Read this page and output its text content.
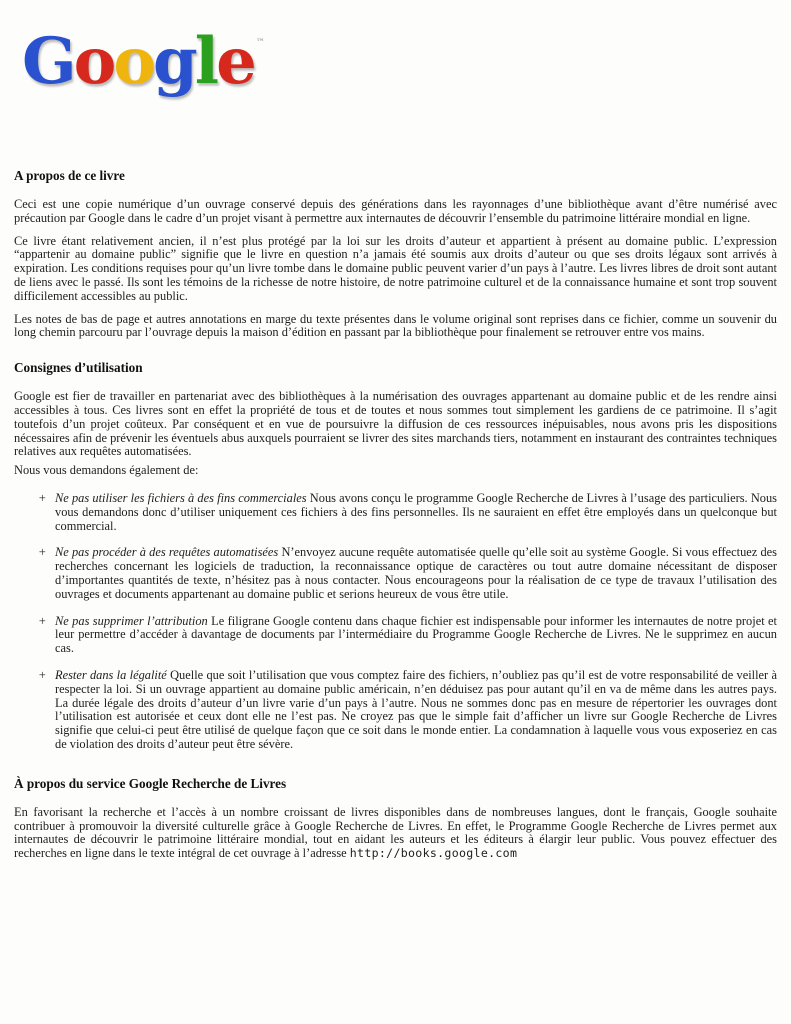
Google ™
A propos de ce livre

Ceci est une copie numérique d’un ouvrage conservé depuis des générations dans les rayonnages d’une bibliothèque avant d’être numérisé avec précaution par Google dans le cadre d’un projet visant à permettre aux internautes de découvrir l’ensemble du patrimoine littéraire mondial en ligne.

Ce livre étant relativement ancien, il n’est plus protégé par la loi sur les droits d’auteur et appartient à présent au domaine public. L’expression “appartenir au domaine public” signifie que le livre en question n’a jamais été soumis aux droits d’auteur ou que ses droits légaux sont arrivés à expiration. Les conditions requises pour qu’un livre tombe dans le domaine public peuvent varier d’un pays à l’autre. Les livres libres de droit sont autant de liens avec le passé. Ils sont les témoins de la richesse de notre histoire, de notre patrimoine culturel et de la connaissance humaine et sont trop souvent difficilement accessibles au public.

Les notes de bas de page et autres annotations en marge du texte présentes dans le volume original sont reprises dans ce fichier, comme un souvenir du long chemin parcouru par l’ouvrage depuis la maison d’édition en passant par la bibliothèque pour finalement se retrouver entre vos mains.

Consignes d’utilisation

Google est fier de travailler en partenariat avec des bibliothèques à la numérisation des ouvrages appartenant au domaine public et de les rendre ainsi accessibles à tous. Ces livres sont en effet la propriété de tous et de toutes et nous sommes tout simplement les gardiens de ce patrimoine. Il s’agit toutefois d’un projet coûteux. Par conséquent et en vue de poursuivre la diffusion de ces ressources inépuisables, nous avons pris les dispositions nécessaires afin de prévenir les éventuels abus auxquels pourraient se livrer des sites marchands tiers, notamment en instaurant des contraintes techniques relatives aux requêtes automatisées.

Nous vous demandons également de:

+ Ne pas utiliser les fichiers à des fins commerciales Nous avons conçu le programme Google Recherche de Livres à l’usage des particuliers. Nous vous demandons donc d’utiliser uniquement ces fichiers à des fins personnelles. Ils ne sauraient en effet être employés dans un quelconque but commercial.
+ Ne pas procéder à des requêtes automatisées N’envoyez aucune requête automatisée quelle qu’elle soit au système Google. Si vous effectuez des recherches concernant les logiciels de traduction, la reconnaissance optique de caractères ou tout autre domaine nécessitant de disposer d’importantes quantités de texte, n’hésitez pas à nous contacter. Nous encourageons pour la réalisation de ce type de travaux l’utilisation des ouvrages et documents appartenant au domaine public et serions heureux de vous être utile.
+ Ne pas supprimer l’attribution Le filigrane Google contenu dans chaque fichier est indispensable pour informer les internautes de notre projet et leur permettre d’accéder à davantage de documents par l’intermédiaire du Programme Google Recherche de Livres. Ne le supprimez en aucun cas.
+ Rester dans la légalité Quelle que soit l’utilisation que vous comptez faire des fichiers, n’oubliez pas qu’il est de votre responsabilité de veiller à respecter la loi. Si un ouvrage appartient au domaine public américain, n’en déduisez pas pour autant qu’il en va de même dans les autres pays. La durée légale des droits d’auteur d’un livre varie d’un pays à l’autre. Nous ne sommes donc pas en mesure de répertorier les ouvrages dont l’utilisation est autorisée et ceux dont elle ne l’est pas. Ne croyez pas que le simple fait d’afficher un livre sur Google Recherche de Livres signifie que celui-ci peut être utilisé de quelque façon que ce soit dans le monde entier. La condamnation à laquelle vous vous exposeriez en cas de violation des droits d’auteur peut être sévère.
À propos du service Google Recherche de Livres

En favorisant la recherche et l’accès à un nombre croissant de livres disponibles dans de nombreuses langues, dont le français, Google souhaite contribuer à promouvoir la diversité culturelle grâce à Google Recherche de Livres. En effet, le Programme Google Recherche de Livres permet aux internautes de découvrir le patrimoine littéraire mondial, tout en aidant les auteurs et les éditeurs à élargir leur public. Vous pouvez effectuer des recherches en ligne dans le texte intégral de cet ouvrage à l’adresse http://books.google.com
